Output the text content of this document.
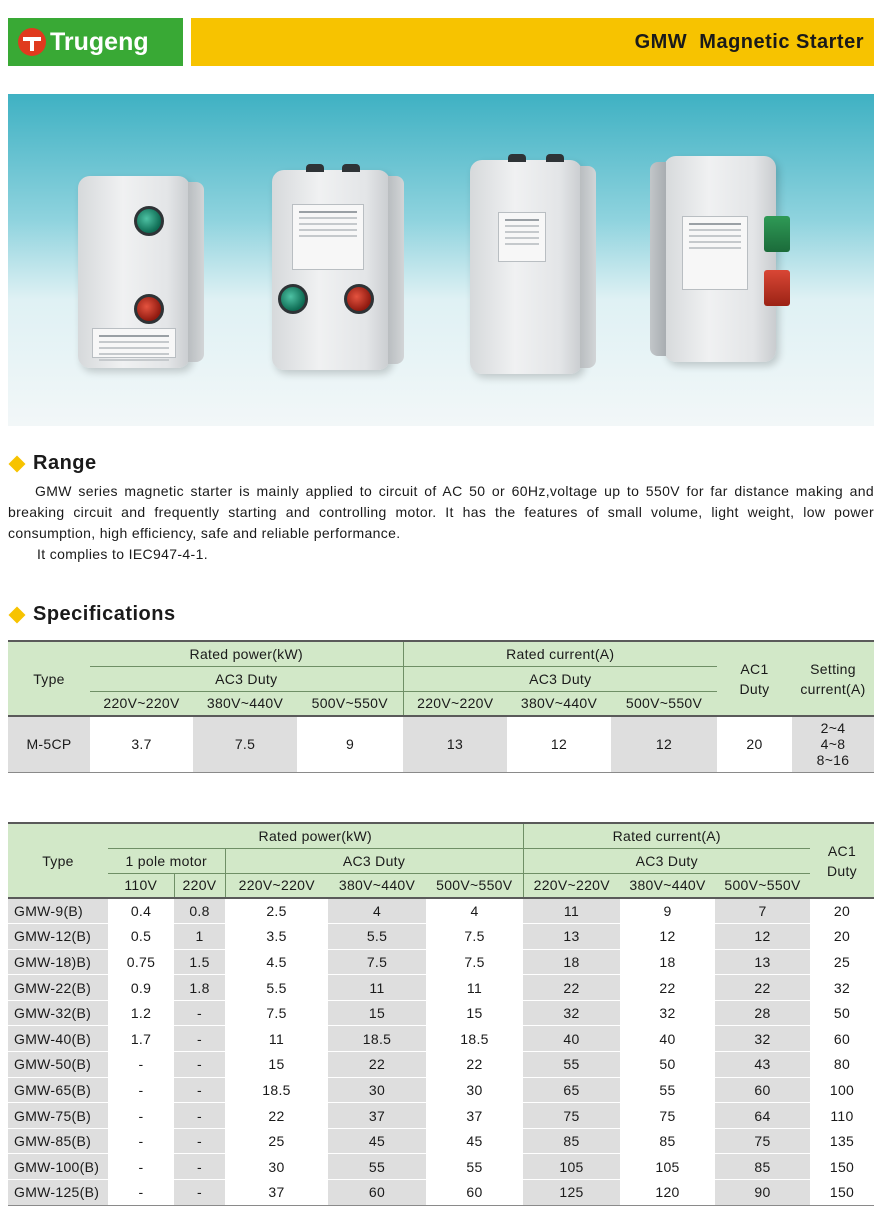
Trugeng	GMW  Magnetic Starter
Range

GMW series magnetic starter is mainly applied to circuit of AC 50 or 60Hz,voltage up to 550V for far distance making and breaking circuit and frequently starting and controlling motor. It has the features of small volume, light weight, low power consumption, high efficiency, safe and reliable performance.

It complies to IEC947-4-1.

Specifications
Type	Rated power(kW)			Rated current(A)			AC1 Duty	Setting current(A)
	AC3 Duty			AC3 Duty				
	220V~220V	380V~440V	500V~550V	220V~220V	380V~440V	500V~550V		
M-5CP	3.7	7.5	9	13	12	12	20	2~4
4~8
8~16
Type	Rated power(kW)					Rated current(A)			AC1 Duty
	1 pole motor		AC3 Duty			AC3 Duty			
	110V	220V	220V~220V	380V~440V	500V~550V	220V~220V	380V~440V	500V~550V	
GMW-9(B)	0.4	0.8	2.5	4	4	11	9	7	20
GMW-12(B)	0.5	1	3.5	5.5	7.5	13	12	12	20
GMW-18)B)	0.75	1.5	4.5	7.5	7.5	18	18	13	25
GMW-22(B)	0.9	1.8	5.5	11	11	22	22	22	32
GMW-32(B)	1.2	-	7.5	15	15	32	32	28	50
GMW-40(B)	1.7	-	11	18.5	18.5	40	40	32	60
GMW-50(B)	-	-	15	22	22	55	50	43	80
GMW-65(B)	-	-	18.5	30	30	65	55	60	100
GMW-75(B)	-	-	22	37	37	75	75	64	110
GMW-85(B)	-	-	25	45	45	85	85	75	135
GMW-100(B)	-	-	30	55	55	105	105	85	150
GMW-125(B)	-	-	37	60	60	125	120	90	150
